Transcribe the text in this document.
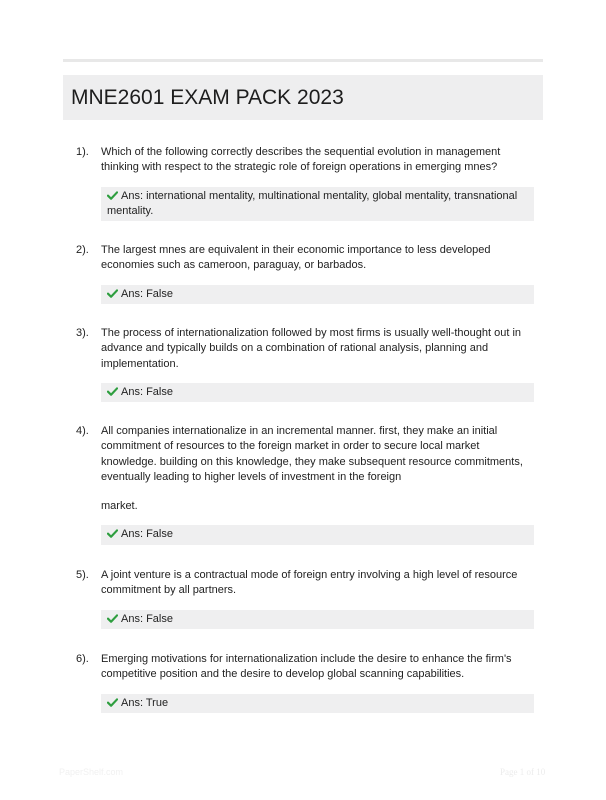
MNE2601 EXAM PACK 2023
1). Which of the following correctly describes the sequential evolution in management thinking with respect to the strategic role of foreign operations in emerging mnes?
Ans: international mentality, multinational mentality, global mentality, transnational mentality.
2). The largest mnes are equivalent in their economic importance to less developed economies such as cameroon, paraguay, or barbados.
Ans: False
3). The process of internationalization followed by most firms is usually well-thought out in advance and typically builds on a combination of rational analysis, planning and implementation.
Ans: False
4). All companies internationalize in an incremental manner. first, they make an initial commitment of resources to the foreign market in order to secure local market knowledge. building on this knowledge, they make subsequent resource commitments, eventually leading to higher levels of investment in the foreign
market.
Ans: False
5). A joint venture is a contractual mode of foreign entry involving a high level of resource commitment by all partners.
Ans: False
6). Emerging motivations for internationalization include the desire to enhance the firm's competitive position and the desire to develop global scanning capabilities.
Ans: True
PaperShelf.com	Page 1 of 10
